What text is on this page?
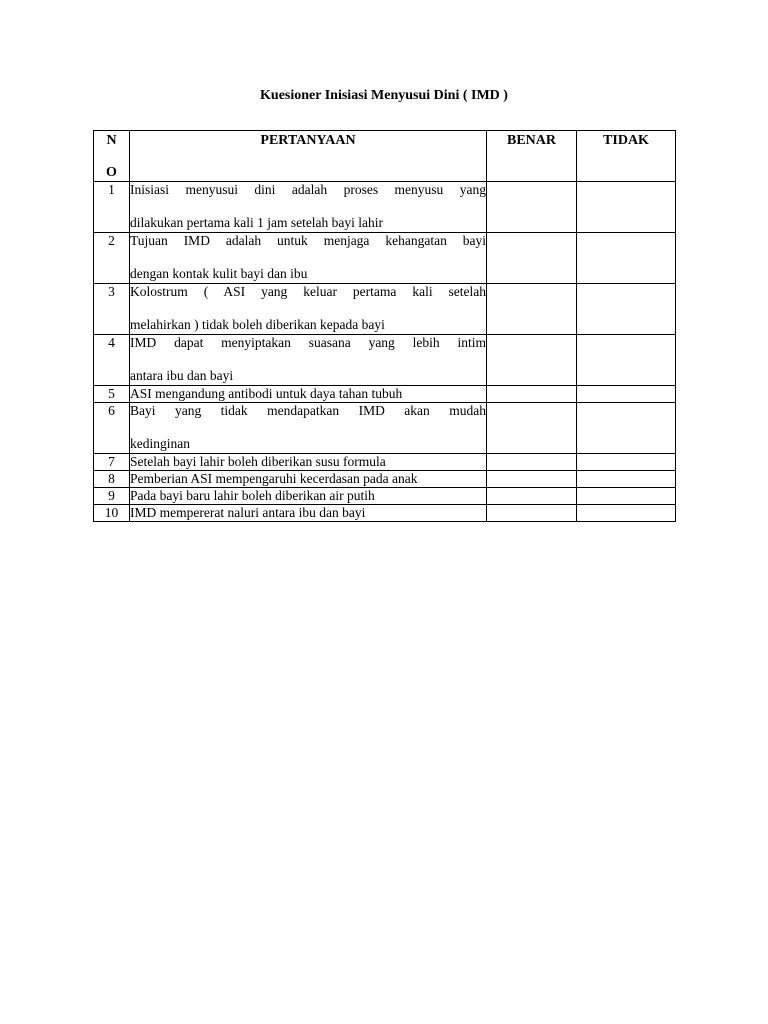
Kuesioner Inisiasi Menyusui Dini ( IMD )
N
O	PERTANYAAN	BENAR	TIDAK

1	Inisiasi menyusui dini adalah proses menyusu yang
dilakukan pertama kali 1 jam setelah bayi lahir		

2	Tujuan IMD adalah untuk menjaga kehangatan bayi
dengan kontak kulit bayi dan ibu		

3	Kolostrum ( ASI yang keluar pertama kali setelah
melahirkan ) tidak boleh diberikan kepada bayi		

4	IMD dapat menyiptakan suasana yang lebih intim
antara ibu dan bayi		

5	ASI mengandung antibodi untuk daya tahan tubuh		
6	Bayi yang tidak mendapatkan IMD akan mudah
kedinginan		

7	Setelah bayi lahir boleh diberikan susu formula		
8	Pemberian ASI mempengaruhi kecerdasan pada anak		
9	Pada bayi baru lahir boleh diberikan air putih		
10	IMD mempererat naluri antara ibu dan bayi		
